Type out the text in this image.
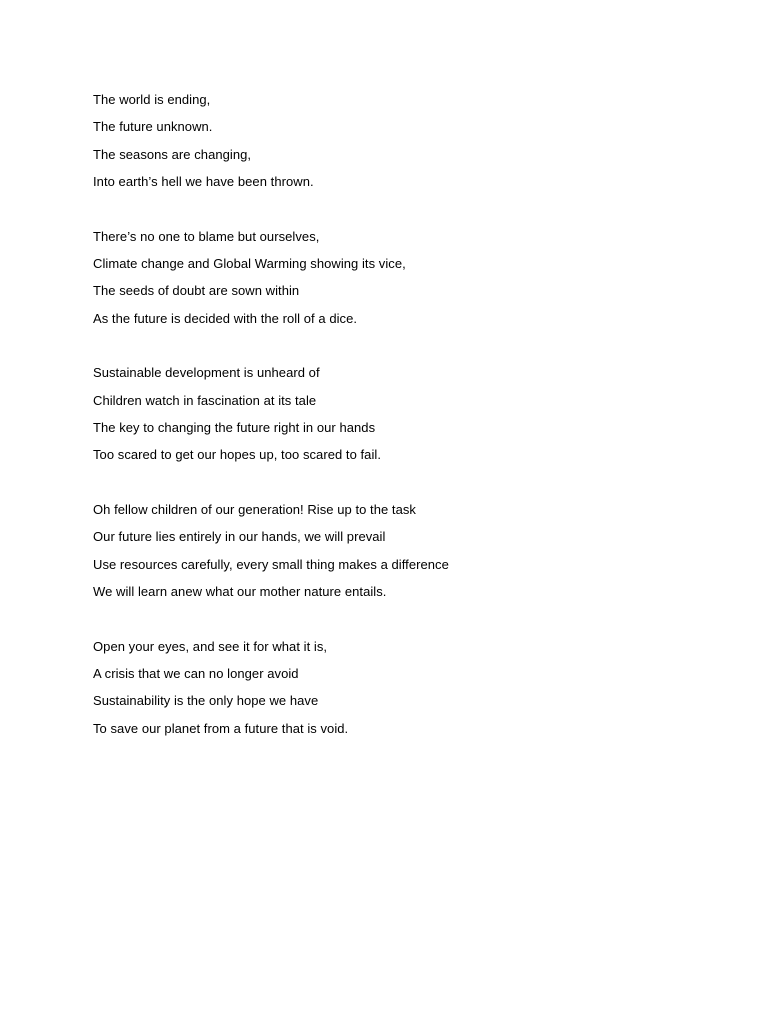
The world is ending,
The future unknown.
The seasons are changing,
Into earth’s hell we have been thrown.
There’s no one to blame but ourselves,
Climate change and Global Warming showing its vice,
The seeds of doubt are sown within
As the future is decided with the roll of a dice.
Sustainable development is unheard of
Children watch in fascination at its tale
The key to changing the future right in our hands
Too scared to get our hopes up, too scared to fail.
Oh fellow children of our generation! Rise up to the task
Our future lies entirely in our hands, we will prevail
Use resources carefully, every small thing makes a difference
We will learn anew what our mother nature entails.
Open your eyes, and see it for what it is,
A crisis that we can no longer avoid
Sustainability is the only hope we have
To save our planet from a future that is void.
